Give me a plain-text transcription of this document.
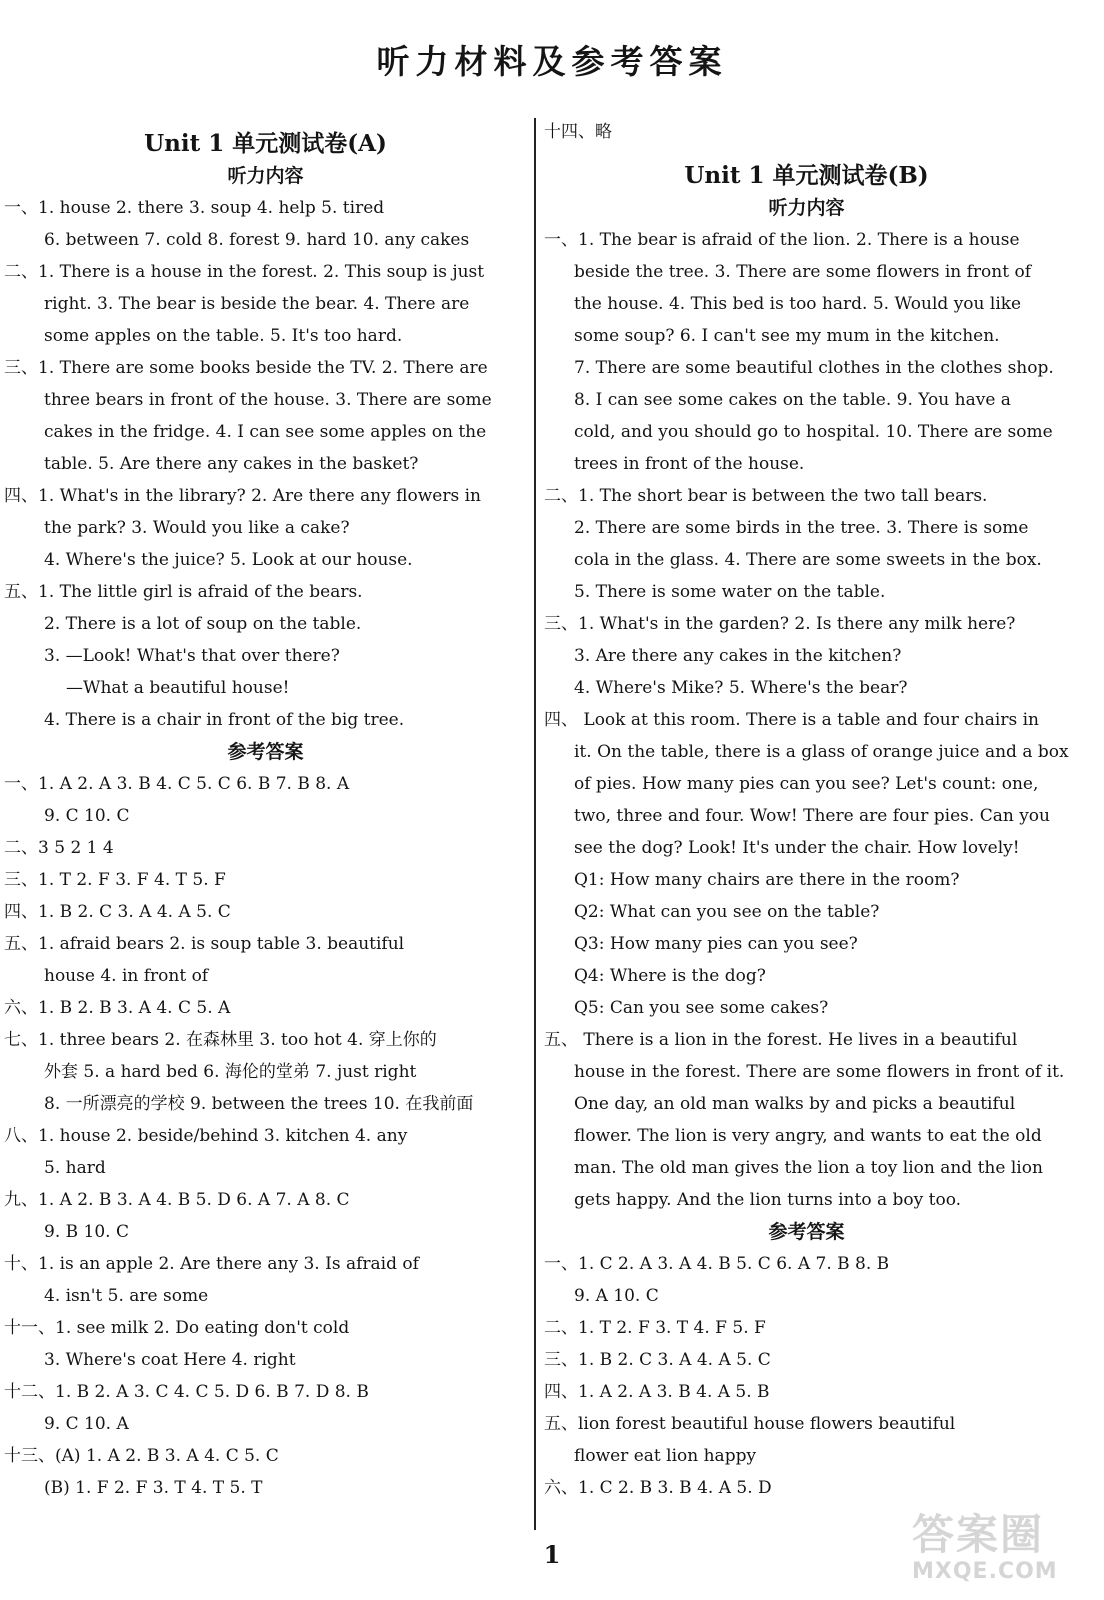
听力材料及参考答案
Unit 1 单元测试卷(A)
听力内容
一、1. house 2. there 3. soup 4. help 5. tired
6. between 7. cold 8. forest 9. hard 10. any cakes
二、1. There is a house in the forest. 2. This soup is just
right. 3. The bear is beside the bear. 4. There are
some apples on the table. 5. It's too hard.
三、1. There are some books beside the TV. 2. There are
three bears in front of the house. 3. There are some
cakes in the fridge. 4. I can see some apples on the
table. 5. Are there any cakes in the basket?
四、1. What's in the library? 2. Are there any flowers in
the park? 3. Would you like a cake?
4. Where's the juice? 5. Look at our house.
五、1. The little girl is afraid of the bears.
2. There is a lot of soup on the table.
3. —Look! What's that over there?
—What a beautiful house!
4. There is a chair in front of the big tree.
参考答案
一、1. A 2. A 3. B 4. C 5. C 6. B 7. B 8. A
9. C 10. C
二、3 5 2 1 4
三、1. T 2. F 3. F 4. T 5. F
四、1. B 2. C 3. A 4. A 5. C
五、1. afraid bears 2. is soup table 3. beautiful
house 4. in front of
六、1. B 2. B 3. A 4. C 5. A
七、1. three bears 2. 在森林里 3. too hot 4. 穿上你的
外套 5. a hard bed 6. 海伦的堂弟 7. just right
8. 一所漂亮的学校 9. between the trees 10. 在我前面
八、1. house 2. beside/behind 3. kitchen 4. any
5. hard
九、1. A 2. B 3. A 4. B 5. D 6. A 7. A 8. C
9. B 10. C
十、1. is an apple 2. Are there any 3. Is afraid of
4. isn't 5. are some
十一、1. see milk 2. Do eating don't cold
3. Where's coat Here 4. right
十二、1. B 2. A 3. C 4. C 5. D 6. B 7. D 8. B
9. C 10. A
十三、(A) 1. A 2. B 3. A 4. C 5. C
(B) 1. F 2. F 3. T 4. T 5. T
十四、略
Unit 1 单元测试卷(B)
听力内容
一、1. The bear is afraid of the lion. 2. There is a house
beside the tree. 3. There are some flowers in front of
the house. 4. This bed is too hard. 5. Would you like
some soup? 6. I can't see my mum in the kitchen.
7. There are some beautiful clothes in the clothes shop.
8. I can see some cakes on the table. 9. You have a
cold, and you should go to hospital. 10. There are some
trees in front of the house.
二、1. The short bear is between the two tall bears.
2. There are some birds in the tree. 3. There is some
cola in the glass. 4. There are some sweets in the box.
5. There is some water on the table.
三、1. What's in the garden? 2. Is there any milk here?
3. Are there any cakes in the kitchen?
4. Where's Mike? 5. Where's the bear?
四、 Look at this room. There is a table and four chairs in
it. On the table, there is a glass of orange juice and a box
of pies. How many pies can you see? Let's count: one,
two, three and four. Wow! There are four pies. Can you
see the dog? Look! It's under the chair. How lovely!
Q1: How many chairs are there in the room?
Q2: What can you see on the table?
Q3: How many pies can you see?
Q4: Where is the dog?
Q5: Can you see some cakes?
五、 There is a lion in the forest. He lives in a beautiful
house in the forest. There are some flowers in front of it.
One day, an old man walks by and picks a beautiful
flower. The lion is very angry, and wants to eat the old
man. The old man gives the lion a toy lion and the lion
gets happy. And the lion turns into a boy too.
参考答案
一、1. C 2. A 3. A 4. B 5. C 6. A 7. B 8. B
9. A 10. C
二、1. T 2. F 3. T 4. F 5. F
三、1. B 2. C 3. A 4. A 5. C
四、1. A 2. A 3. B 4. A 5. B
五、lion forest beautiful house flowers beautiful
flower eat lion happy
六、1. C 2. B 3. B 4. A 5. D
1	答案圈
MXQE.COM
